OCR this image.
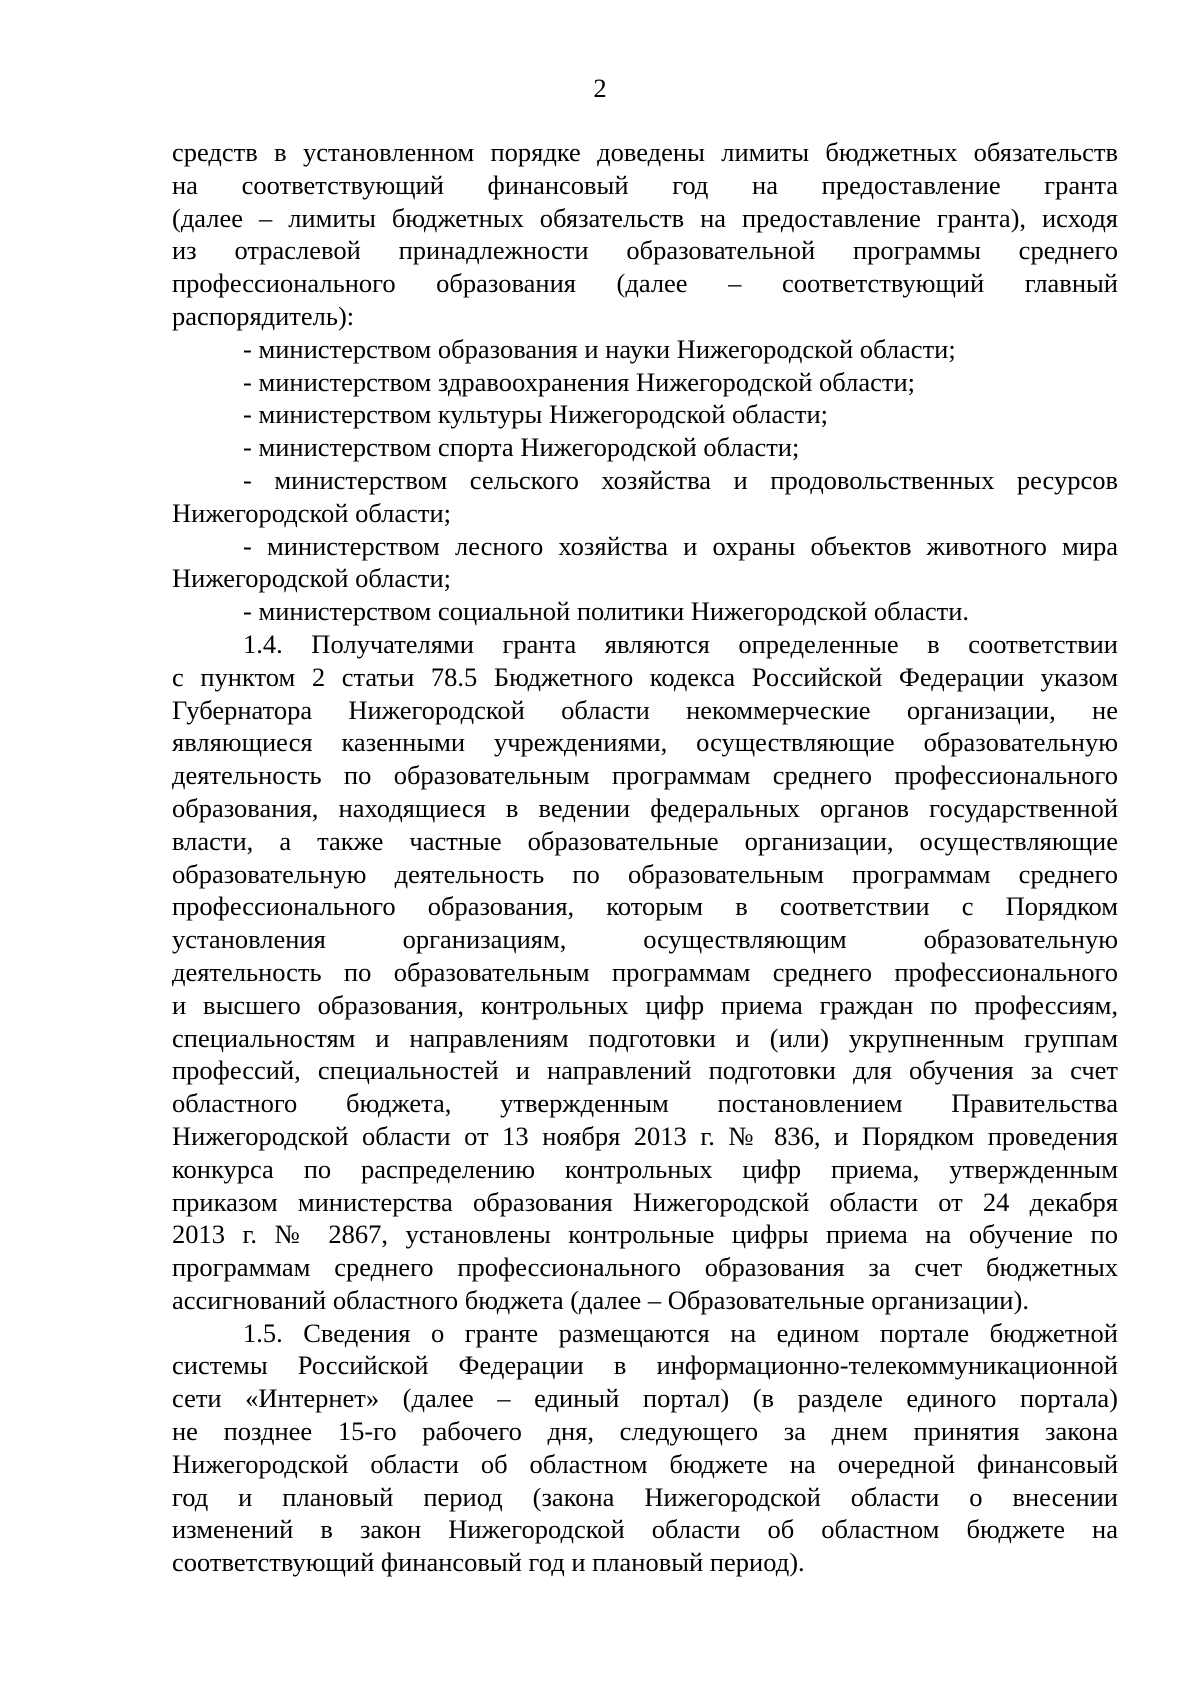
2
средств в установленном порядке доведены лимиты бюджетных обязательств
на соответствующий финансовый год на предоставление гранта
(далее – лимиты бюджетных обязательств на предоставление гранта), исходя
из отраслевой принадлежности образовательной программы среднего
профессионального образования (далее – соответствующий главный
распорядитель):
- министерством образования и науки Нижегородской области;
- министерством здравоохранения Нижегородской области;
- министерством культуры Нижегородской области;
- министерством спорта Нижегородской области;
- министерством сельского хозяйства и продовольственных ресурсов
Нижегородской области;
- министерством лесного хозяйства и охраны объектов животного мира
Нижегородской области;
- министерством социальной политики Нижегородской области.
1.4. Получателями гранта являются определенные в соответствии
с пунктом 2 статьи 78.5 Бюджетного кодекса Российской Федерации указом
Губернатора Нижегородской области некоммерческие организации, не
являющиеся казенными учреждениями, осуществляющие образовательную
деятельность по образовательным программам среднего профессионального
образования, находящиеся в ведении федеральных органов государственной
власти, а также частные образовательные организации, осуществляющие
образовательную деятельность по образовательным программам среднего
профессионального образования, которым в соответствии с Порядком
установления организациям, осуществляющим образовательную
деятельность по образовательным программам среднего профессионального
и высшего образования, контрольных цифр приема граждан по профессиям,
специальностям и направлениям подготовки и (или) укрупненным группам
профессий, специальностей и направлений подготовки для обучения за счет
областного бюджета, утвержденным постановлением Правительства
Нижегородской области от 13 ноября 2013 г. № 836, и Порядком проведения
конкурса по распределению контрольных цифр приема, утвержденным
приказом министерства образования Нижегородской области от 24 декабря
2013 г. № 2867, установлены контрольные цифры приема на обучение по
программам среднего профессионального образования за счет бюджетных
ассигнований областного бюджета (далее – Образовательные организации).
1.5. Сведения о гранте размещаются на едином портале бюджетной
системы Российской Федерации в информационно-телекоммуникационной
сети «Интернет» (далее – единый портал) (в разделе единого портала)
не позднее 15-го рабочего дня, следующего за днем принятия закона
Нижегородской области об областном бюджете на очередной финансовый
год и плановый период (закона Нижегородской области о внесении
изменений в закон Нижегородской области об областном бюджете на
соответствующий финансовый год и плановый период).
